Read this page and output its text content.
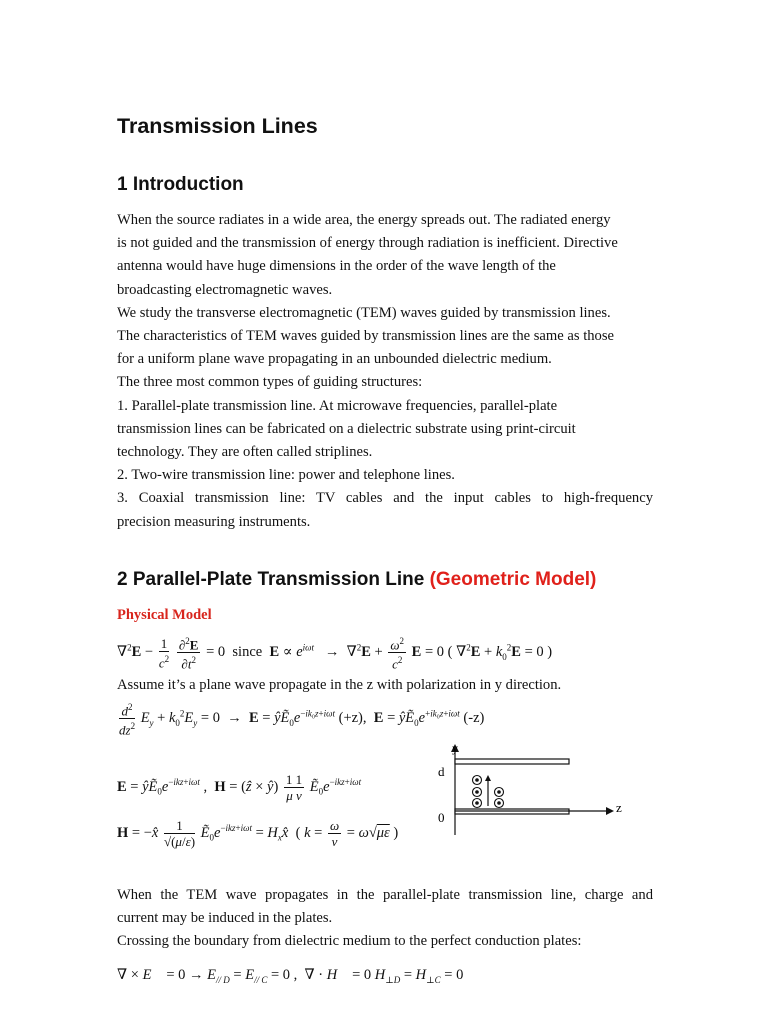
Transmission Lines
1 Introduction

When the source radiates in a wide area, the energy spreads out. The radiated energy

is not guided and the transmission of energy through radiation is inefficient. Directive

antenna would have huge dimensions in the order of the wave length of the

broadcasting electromagnetic waves.

We study the transverse electromagnetic (TEM) waves guided by transmission lines.

The characteristics of TEM waves guided by transmission lines are the same as those

for a uniform plane wave propagating in an unbounded dielectric medium.

The three most common types of guiding structures:

1. Parallel-plate transmission line. At microwave frequencies, parallel-plate

transmission lines can be fabricated on a dielectric substrate using print-circuit

technology. They are often called striplines.

2. Two-wire transmission line: power and telephone lines.

3. Coaxial transmission line: TV cables and the input cables to high-frequency

precision measuring instruments.

2 Parallel-Plate Transmission Line (Geometric Model)
Physical Model
$\nabla^2E - \frac{1}{c^2}$
$\frac{\partial^2E}{\partial t^2} = 0$  since $E \propto e^{i\omega t} \to \nabla^2E + \frac{\omega^2}{c^2}$ E = 0 ( $\nabla^2E + k_0^2E = 0$ )
Assume it’s a plane wave propagate in the z with polarization in y direction.
$\frac{d^2}{dz^2} E_y + k_0^2E_y = 0 \to E$ = $ŷẼ_0e^{-ik_0z+i\omega t}$ (+z), $E = ŷẼ_0e^{+ik_0z+i\omega t}$ (-z)
$E = ŷẼ_0e^{-ikz+i\omega t}$ ,  H = (ẑ × ŷ) $\frac{1 1}{\text{μ v}}$ $Ẽ_0e^{-ikz+i\omega t}$
H = −x̂ $\frac{1}{√(\mu/\varepsilon)}$ $Ẽ_0e^{-ikz+i\omega t}$ = $H_xx̂$  ( $k = \frac{\omega}{v} = \omega√\mu\varepsilon$ )
y
d
0
z

When the TEM wave propagates in the parallel-plate transmission line, charge and

current may be induced in the plates.

Crossing the boundary from dielectric medium to the perfect conduction plates:

∇ × E⃗ = $0 \to E_{// D} = E_{// C} = 0$ ,  ∇ · H⃗ = 0 $H_{\perp D} = H_{\perp C} = 0$
